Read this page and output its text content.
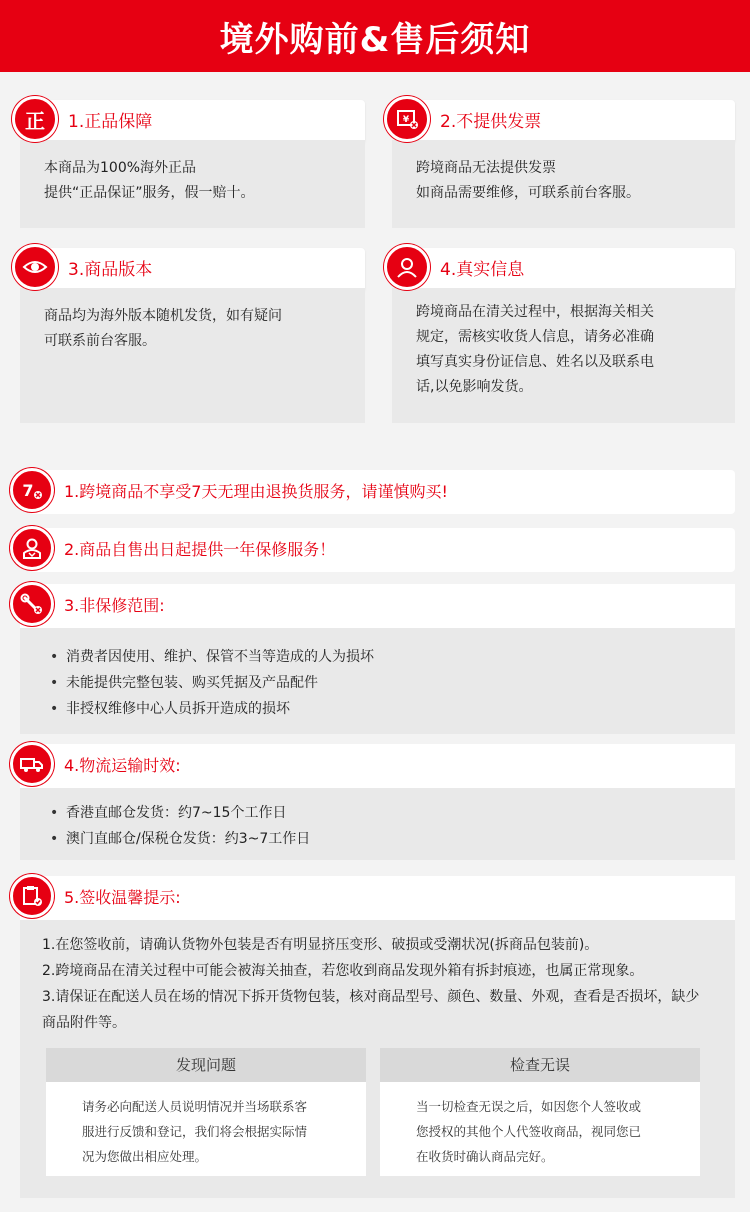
境外购前&售后须知
1.正品保障
本商品为100%海外正品
提供“正品保证”服务，假一赔十。
正	2.不提供发票
跨境商品无法提供发票
如商品需要维修，可联系前台客服。
¥
3.商品版本
商品均为海外版本随机发货，如有疑问
可联系前台客服。
4.真实信息
跨境商品在清关过程中，根据海关相关
规定，需核实收货人信息，请务必准确
填写真实身份证信息、姓名以及联系电
话,以免影响发货。
1.跨境商品不享受7天无理由退换货服务，请谨慎购买!
7
2.商品自售出日起提供一年保修服务！
3.非保修范围:
• 消费者因使用、维护、保管不当等造成的人为损坏
• 未能提供完整包装、购买凭据及产品配件
• 非授权维修中心人员拆开造成的损坏
4.物流运输时效:
• 香港直邮仓发货：约7~15个工作日
• 澳门直邮仓/保税仓发货：约3~7工作日
5.签收温馨提示:
1.在您签收前，请确认货物外包装是否有明显挤压变形、破损或受潮状况(拆商品包装前)。
2.跨境商品在清关过程中可能会被海关抽查，若您收到商品发现外箱有拆封痕迹，也属正常现象。
3.请保证在配送人员在场的情况下拆开货物包装，核对商品型号、颜色、数量、外观，查看是否损坏，缺少商品附件等。
发现问题
请务必向配送人员说明情况并当场联系客
服进行反馈和登记，我们将会根据实际情
况为您做出相应处理。
检查无误
当一切检查无误之后，如因您个人签收或
您授权的其他个人代签收商品，视同您已
在收货时确认商品完好。
